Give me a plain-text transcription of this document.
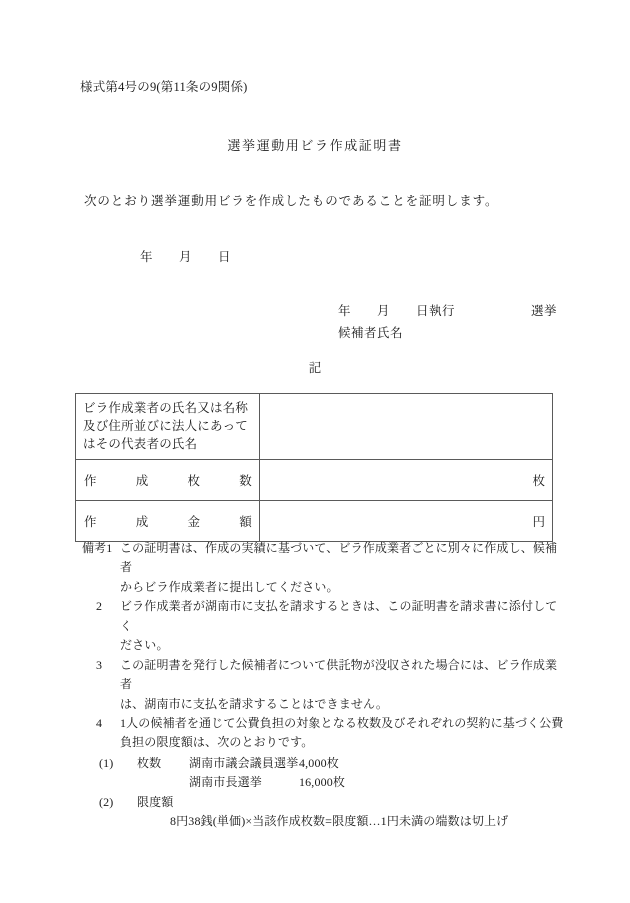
様式第4号の9(第11条の9関係)
選挙運動用ビラ作成証明書
次のとおり選挙運動用ビラを作成したものであることを証明します。
年 月 日
年 月 日執行	選挙
候補者氏名
記
ビラ作成業者の氏名又は名称
及び住所並びに法人にあって
はその代表者の氏名	

作 成 枚 数	枚

作 成 金 額	円
備考1 この証明書は、作成の実績に基づいて、ビラ作成業者ごとに別々に作成し、候補者

からビラ作成業者に提出してください。

2	ビラ作成業者が湖南市に支払を請求するときは、この証明書を請求書に添付してく

ださい。

3	この証明書を発行した候補者について供託物が没収された場合には、ビラ作成業者

は、湖南市に支払を請求することはできません。

4	1人の候補者を通じて公費負担の対象となる枚数及びそれぞれの契約に基づく公費

負担の限度額は、次のとおりです。

(1)	枚数	湖南市議会議員選挙 4,000枚
湖南市長選挙	16,000枚
(2)	限度額
8円38銭(単価)×当該作成枚数=限度額…1円未満の端数は切上げ
